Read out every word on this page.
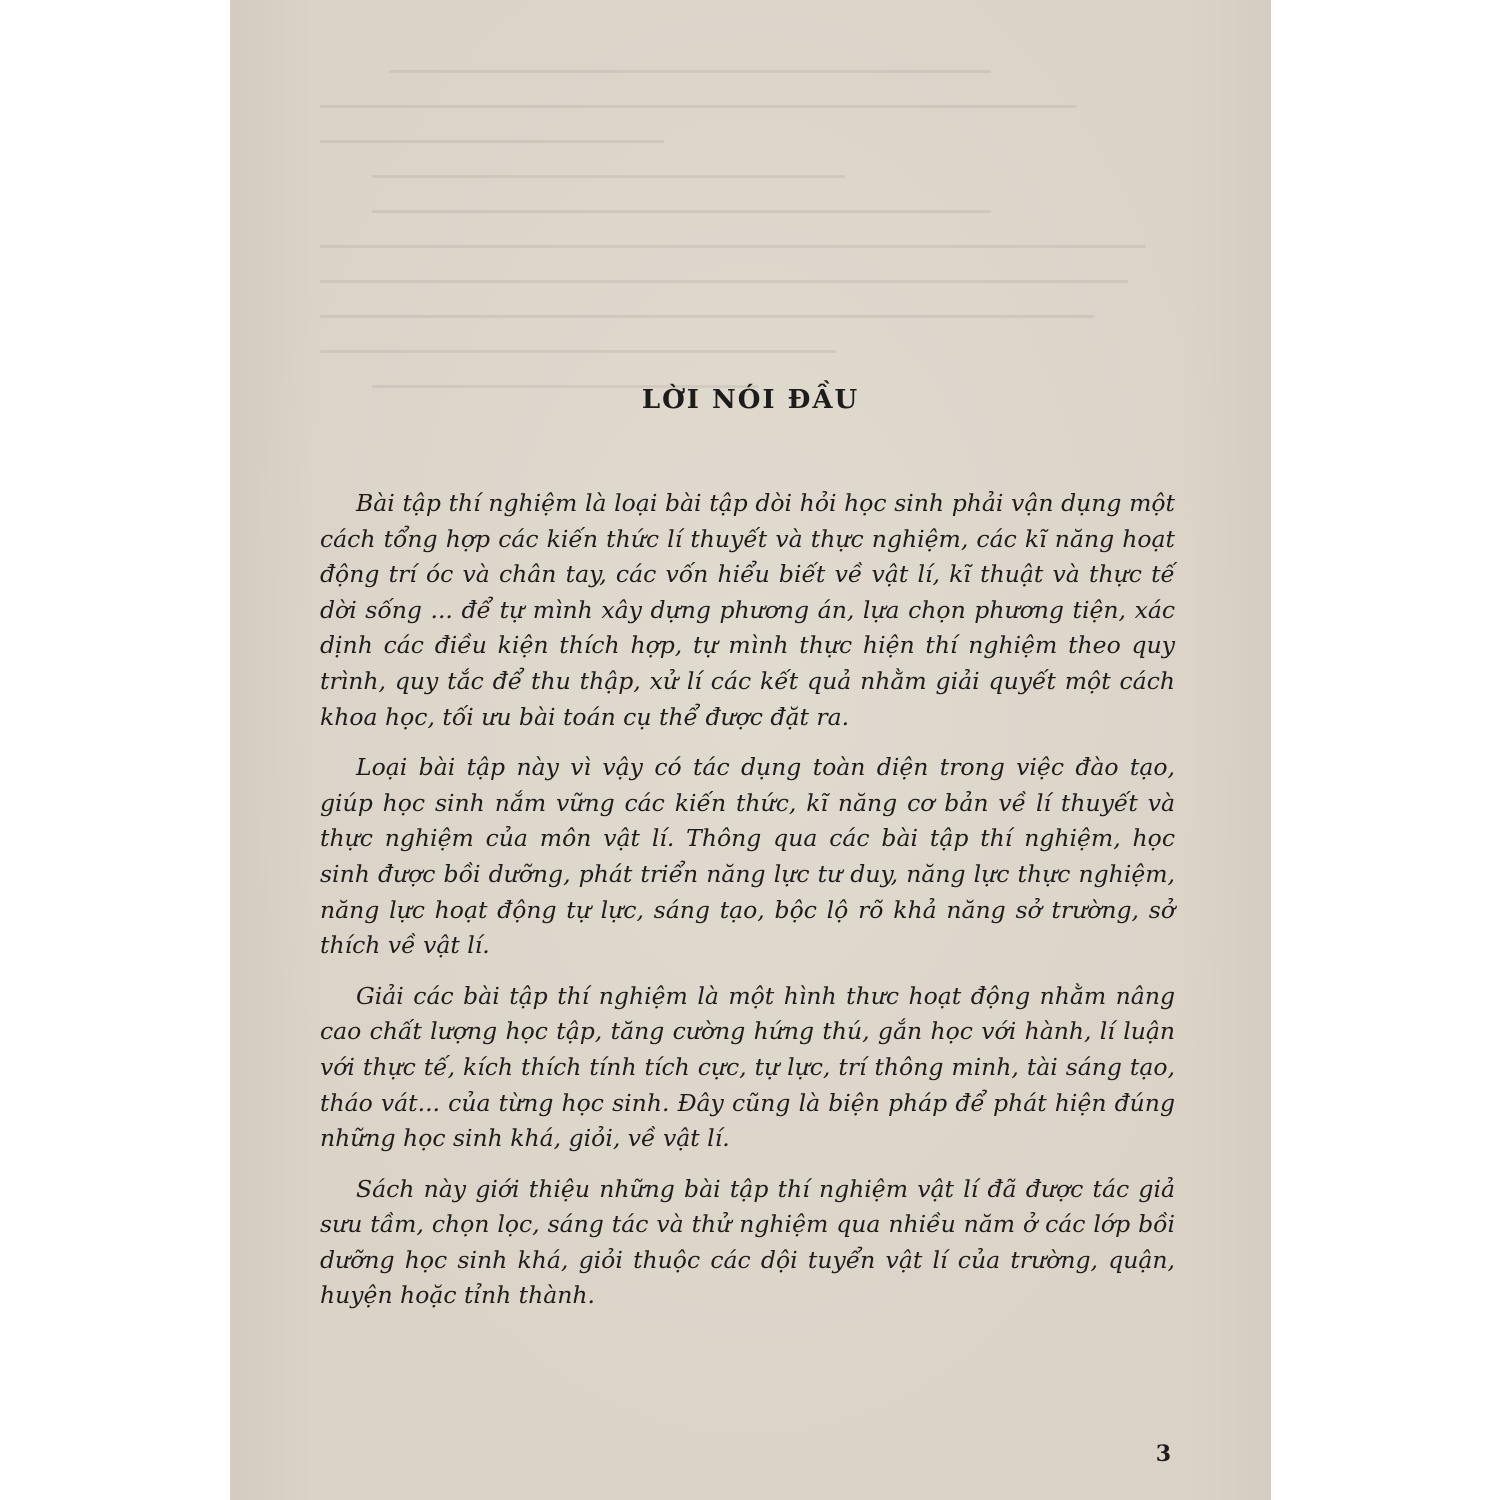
LỜI NÓI ĐẦU

Bài tập thí nghiệm là loại bài tập dòi hỏi học sinh phải vận dụng một cách tổng hợp các kiến thức lí thuyết và thực nghiệm, các kĩ năng hoạt động trí óc và chân tay, các vốn hiểu biết về vật lí, kĩ thuật và thực tế dời sống ... để tự mình xây dựng phương án, lựa chọn phương tiện, xác dịnh các điều kiện thích hợp, tự mình thực hiện thí nghiệm theo quy trình, quy tắc để thu thập, xử lí các kết quả nhằm giải quyết một cách khoa học, tối ưu bài toán cụ thể được đặt ra.

Loại bài tập này vì vậy có tác dụng toàn diện trong việc đào tạo, giúp học sinh nắm vững các kiến thức, kĩ năng cơ bản về lí thuyết và thực nghiệm của môn vật lí. Thông qua các bài tập thí nghiệm, học sinh được bồi dưỡng, phát triển năng lực tư duy, năng lực thực nghiệm, năng lực hoạt động tự lực, sáng tạo, bộc lộ rõ khả năng sở trường, sở thích về vật lí.

Giải các bài tập thí nghiệm là một hình thưc hoạt động nhằm nâng cao chất lượng học tập, tăng cường hứng thú, gắn học với hành, lí luận với thực tế, kích thích tính tích cực, tự lực, trí thông minh, tài sáng tạo, tháo vát... của từng học sinh. Đây cũng là biện pháp để phát hiện đúng những học sinh khá, giỏi, về vật lí.

Sách này giới thiệu những bài tập thí nghiệm vật lí đã được tác giả sưu tầm, chọn lọc, sáng tác và thử nghiệm qua nhiều năm ở các lớp bồi dưỡng học sinh khá, giỏi thuộc các dội tuyển vật lí của trường, quận, huyện hoặc tỉnh thành.

3
